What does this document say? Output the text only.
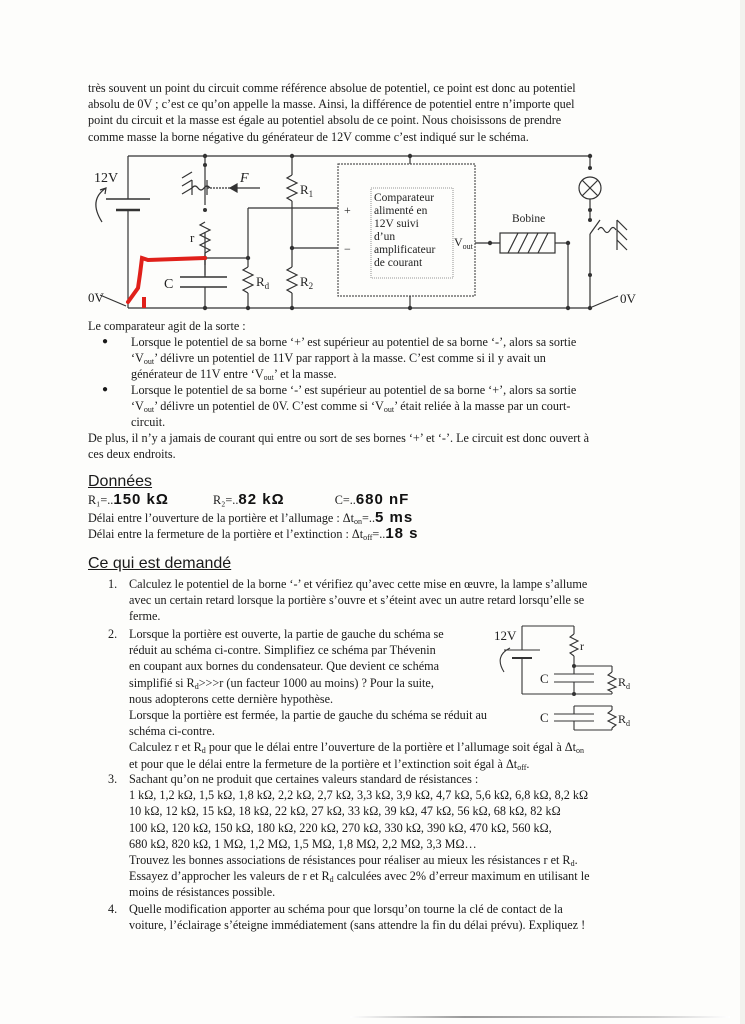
très souvent un point du circuit comme référence absolue de potentiel, ce point est donc au potentiel
absolu de 0V ; c’est ce qu’on appelle la masse. Ainsi, la différence de potentiel entre n’importe quel
point du circuit et la masse est égale au potentiel absolu de ce point. Nous choisissons de prendre
comme masse la borne négative du générateur de 12V comme c’est indiqué sur le schéma.
12V	F
$R_1$
$R_2$
r
C	$R_d$
0V	0V
+
−
Comparateur
alimenté en
12V suivi
d’un
amplificateur
de courant
$V_{out}$
Bobine
Le comparateur agit de la sorte :
● Lorsque le potentiel de sa borne ‘+’ est supérieur au potentiel de sa borne ‘-’, alors sa sortie
‘$V_{out}$’ délivre un potentiel de 11V par rapport à la masse. C’est comme si il y avait un
générateur de 11V entre ‘$V_{out}$’ et la masse.
● Lorsque le potentiel de sa borne ‘-’ est supérieur au potentiel de sa borne ‘+’, alors sa sortie
‘$V_{out}$’ délivre un potentiel de 0V. C’est comme si ‘$V_{out}$’ était reliée à la masse par un court-
circuit.
De plus, il n’y a jamais de courant qui entre ou sort de ses bornes ‘+’ et ‘-’. Le circuit est donc ouvert à
ces deux endroits.
Données
R₁=..150 kΩ	R₂=..82 kΩ	C=..680 nF
Délai entre l’ouverture de la portière et l’allumage : $\Delta t_{on}=..5$ ms
Délai entre la fermeture de la portière et l’extinction : $\Delta t_{off}=..18$ s
Ce qui est demandé
1. Calculez le potentiel de la borne ‘-’ et vérifiez qu’avec cette mise en œuvre, la lampe s’allume
avec un certain retard lorsque la portière s’ouvre et s’éteint avec un autre retard lorsqu’elle se
ferme.
2. Lorsque la portière est ouverte, la partie de gauche du schéma se
réduit au schéma ci-contre. Simplifiez ce schéma par Thévenin
en coupant aux bornes du condensateur. Que devient ce schéma
simplifié si $R_d>>>r$ (un facteur 1000 au moins) ? Pour la suite,
nous adopterons cette dernière hypothèse.
Lorsque la portière est fermée, la partie de gauche du schéma se réduit au
schéma ci-contre.
Calculez r et $R_d$ pour que le délai entre l’ouverture de la portière et l’allumage soit égal à $\Delta t_{on}$
et pour que le délai entre la fermeture de la portière et l’extinction soit égal à $\Delta t_{off}$.
12V
r
C	$R_d$
C	$R_d$
3. Sachant qu’on ne produit que certaines valeurs standard de résistances :
1 kΩ, 1,2 kΩ, 1,5 kΩ, 1,8 kΩ, 2,2 kΩ, 2,7 kΩ, 3,3 kΩ, 3,9 kΩ, 4,7 kΩ, 5,6 kΩ, 6,8 kΩ, 8,2 kΩ
10 kΩ, 12 kΩ, 15 kΩ, 18 kΩ, 22 kΩ, 27 kΩ, 33 kΩ, 39 kΩ, 47 kΩ, 56 kΩ, 68 kΩ, 82 kΩ
100 kΩ, 120 kΩ, 150 kΩ, 180 kΩ, 220 kΩ, 270 kΩ, 330 kΩ, 390 kΩ, 470 kΩ, 560 kΩ,
680 kΩ, 820 kΩ, 1 MΩ, 1,2 MΩ, 1,5 MΩ, 1,8 MΩ, 2,2 MΩ, 3,3 MΩ…
Trouvez les bonnes associations de résistances pour réaliser au mieux les résistances r et $R_d$.
Essayez d’approcher les valeurs de r et $R_d$ calculées avec 2% d’erreur maximum en utilisant le
moins de résistances possible.
4. Quelle modification apporter au schéma pour que lorsqu’on tourne la clé de contact de la
voiture, l’éclairage s’éteigne immédiatement (sans attendre la fin du délai prévu). Expliquez !
